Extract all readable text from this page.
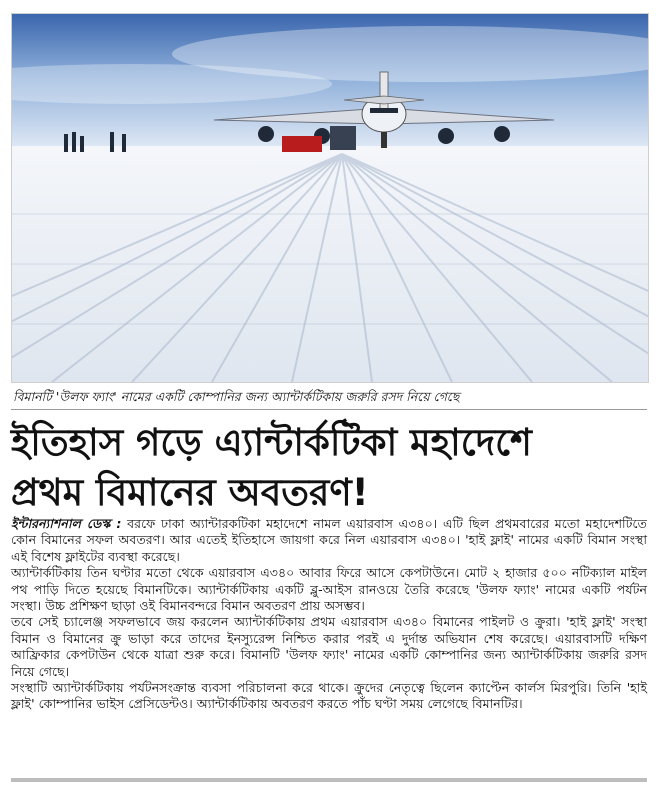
বিমানটি 'উলফ ফ্যাং' নামের একটি কোম্পানির জন্য অ্যান্টার্কটিকায় জরুরি রসদ নিয়ে গেছে
ইতিহাস গড়ে এ্যান্টার্কটিকা মহাদেশে
প্রথম বিমানের অবতরণ!

ইন্টারন্যাশনাল ডেস্ক : বরফে ঢাকা অ্যান্টারকটিকা মহাদেশে নামল এয়ারবাস এ৩৪০। এটি ছিল প্রথমবারের মতো মহাদেশটিতে কোন বিমানের সফল অবতরণ। আর এতেই ইতিহাসে জায়গা করে নিল এয়ারবাস এ৩৪০। 'হাই ফ্লাই' নামের একটি বিমান সংস্থা এই বিশেষ ফ্লাইটের ব্যবস্থা করেছে।

অ্যান্টার্কটিকায় তিন ঘণ্টার মতো থেকে এয়ারবাস এ৩৪০ আবার ফিরে আসে কেপটাউনে। মোট ২ হাজার ৫০০ নটিক্যাল মাইল পথ পাড়ি দিতে হয়েছে বিমানটিকে। অ্যান্টার্কটিকায় একটি ব্লু-আইস রানওয়ে তৈরি করেছে 'উলফ ফ্যাং' নামের একটি পর্যটন সংস্থা। উচ্চ প্রশিক্ষণ ছাড়া ওই বিমানবন্দরে বিমান অবতরণ প্রায় অসম্ভব।

তবে সেই চ্যালেঞ্জ সফলভাবে জয় করলেন অ্যান্টার্কটিকায় প্রথম এয়ারবাস এ৩৪০ বিমানের পাইলট ও ক্রুরা। 'হাই ফ্লাই' সংস্থা বিমান ও বিমানের ক্রু ভাড়া করে তাদের ইনস্যুরেন্স নিশ্চিত করার পরই এ দুর্দান্ত অভিযান শেষ করেছে। এয়ারবাসটি দক্ষিণ আফ্রিকার কেপটাউন থেকে যাত্রা শুরু করে। বিমানটি 'উলফ ফ্যাং' নামের একটি কোম্পানির জন্য অ্যান্টার্কটিকায় জরুরি রসদ নিয়ে গেছে।

সংস্থাটি অ্যান্টার্কটিকায় পর্যটনসংক্রান্ত ব্যবসা পরিচালনা করে থাকে। ক্রুদের নেতৃত্বে ছিলেন ক্যাপ্টেন কার্লস মিরপুরি। তিনি 'হাই ফ্লাই' কোম্পানির ভাইস প্রেসিডেন্টও। অ্যান্টার্কটিকায় অবতরণ করতে পাঁচ ঘণ্টা সময় লেগেছে বিমানটির।
